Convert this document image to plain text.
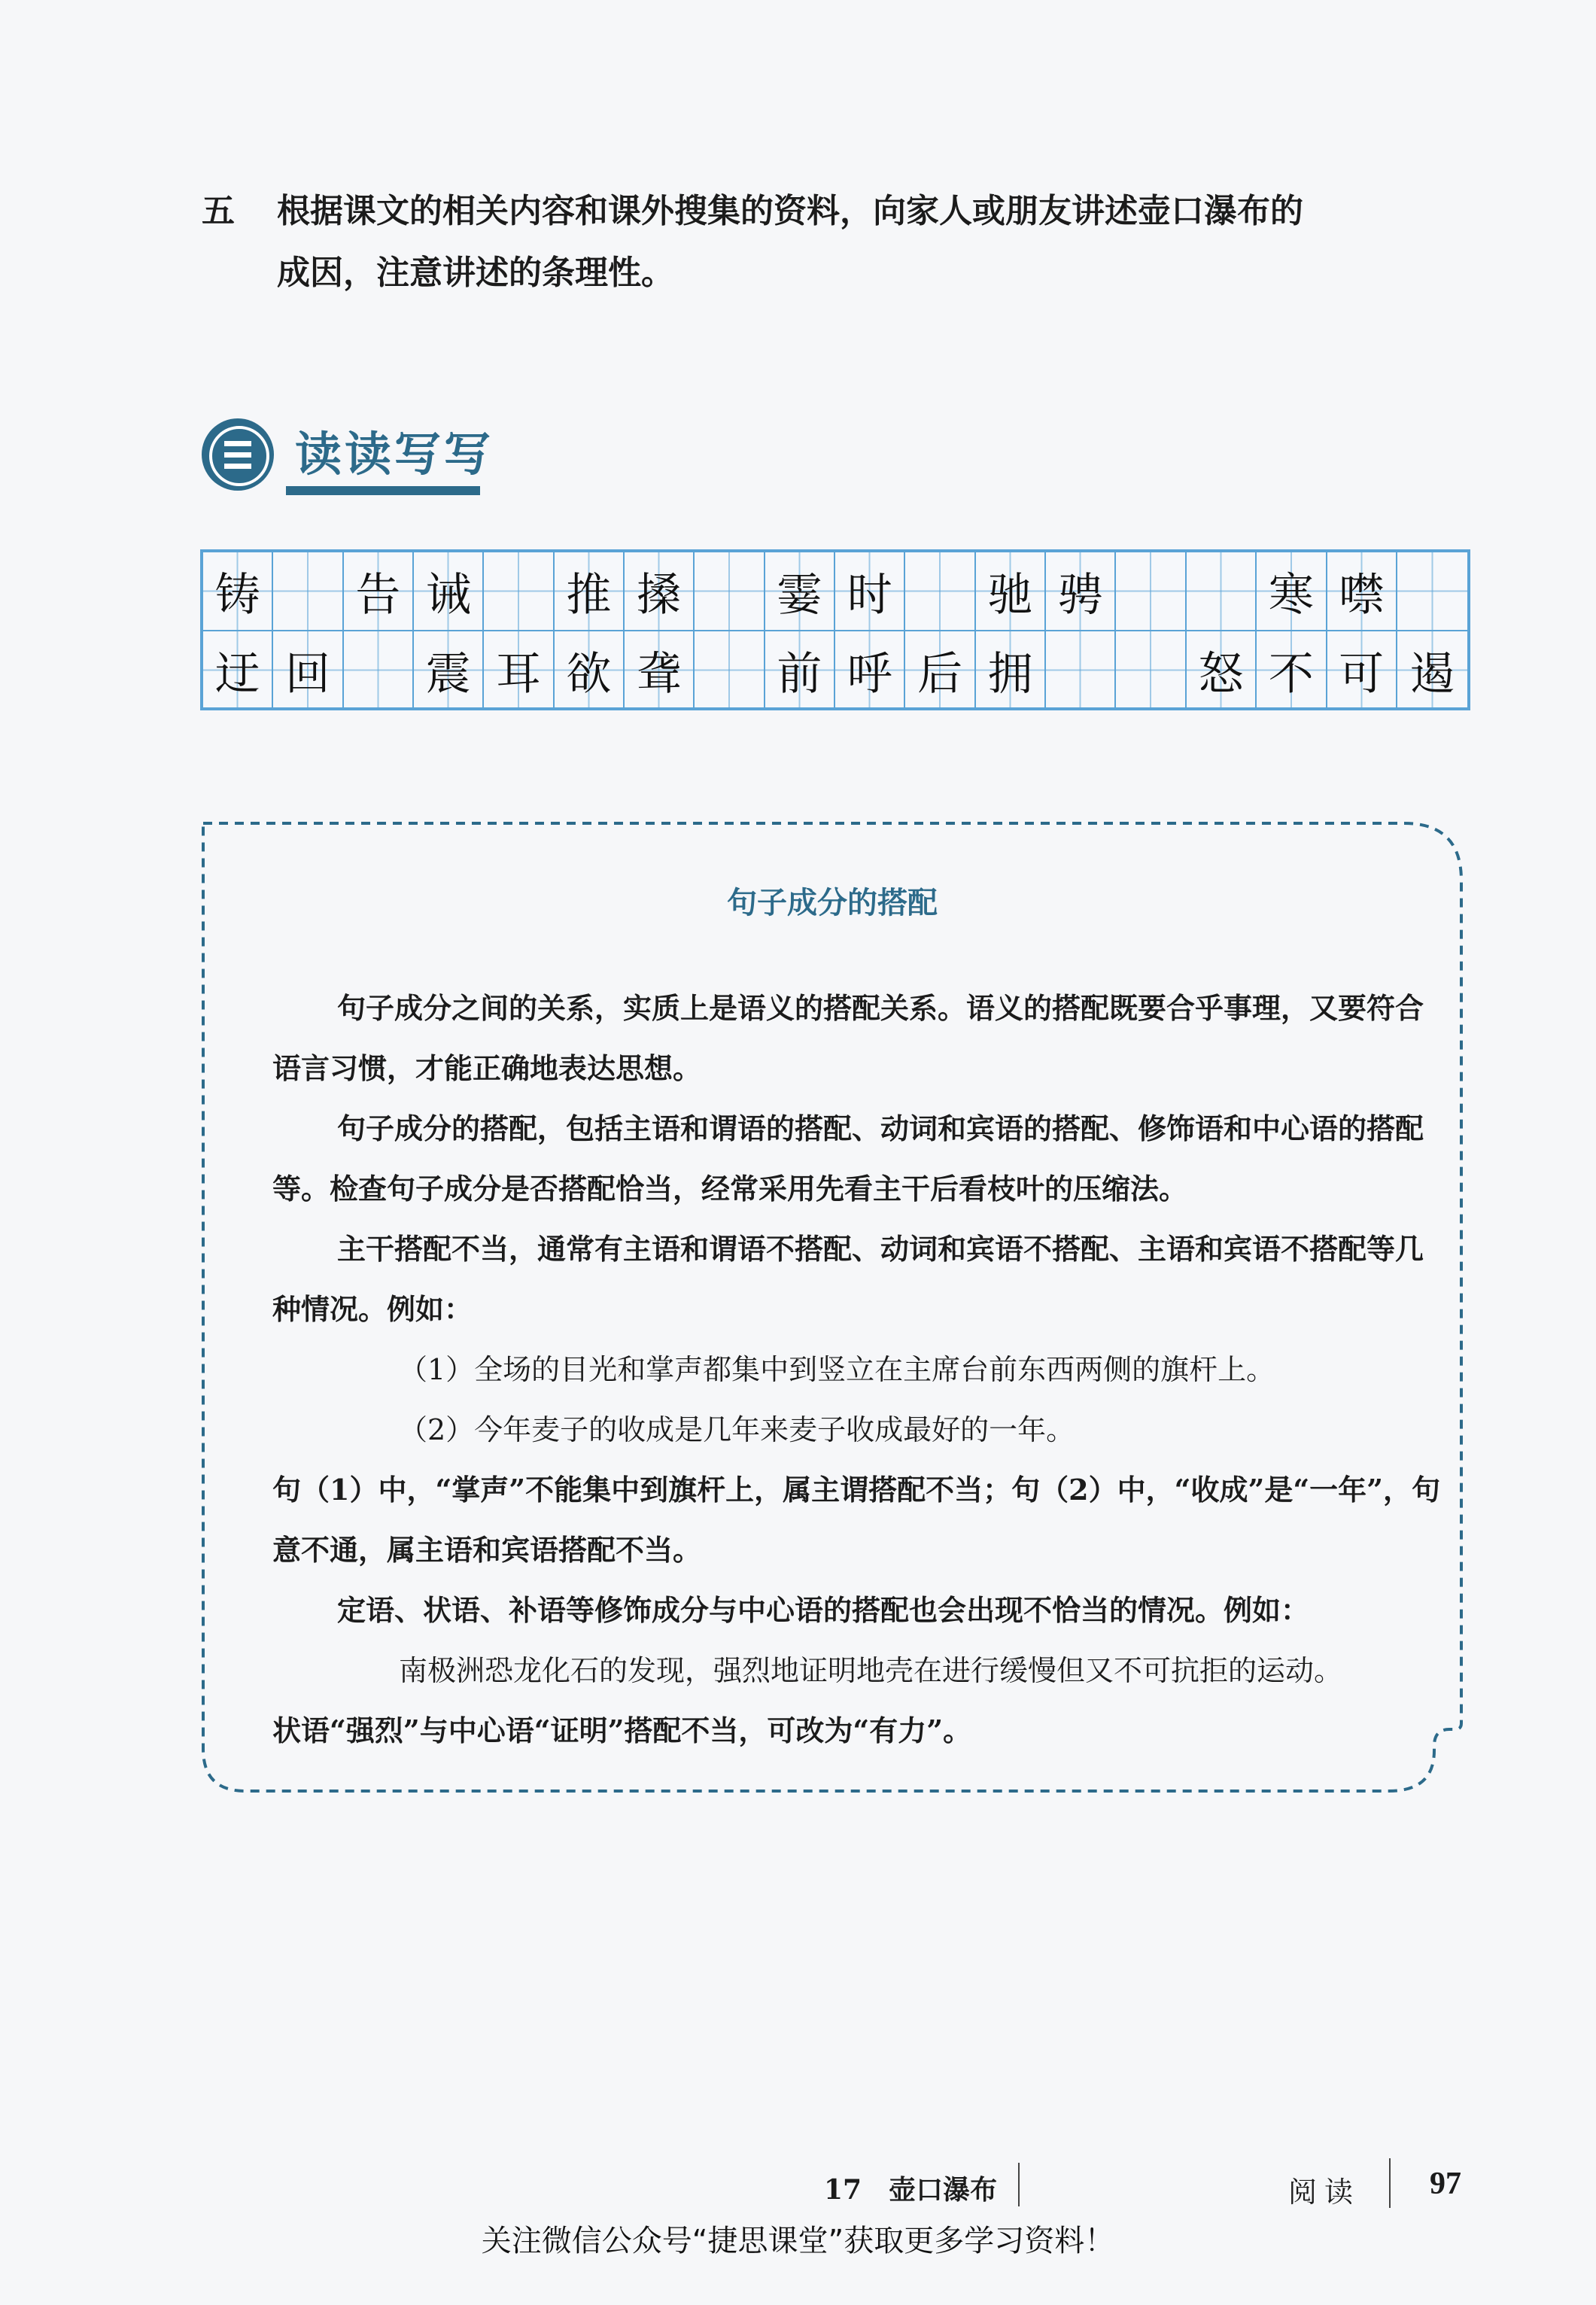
五 根据课文的相关内容和课外搜集的资料，向家人或朋友讲述壶口瀑布的
成因，注意讲述的条理性。
读读写写
铸 告 诫 推 搡 霎 时 驰 骋	寒 噤
迂 回 震 耳 欲 聋 前 呼 后 拥	怒 不 可 遏
句子成分的搭配

句子成分之间的关系，实质上是语义的搭配关系。语义的搭配既要合乎事理，又要符合语言习惯，才能正确地表达思想。

句子成分的搭配，包括主语和谓语的搭配、动词和宾语的搭配、修饰语和中心语的搭配等。检查句子成分是否搭配恰当，经常采用先看主干后看枝叶的压缩法。

主干搭配不当，通常有主语和谓语不搭配、动词和宾语不搭配、主语和宾语不搭配等几种情况。例如：

（1）全场的目光和掌声都集中到竖立在主席台前东西两侧的旗杆上。

（2）今年麦子的收成是几年来麦子收成最好的一年。

句（1）中，“掌声”不能集中到旗杆上，属主谓搭配不当；句（2）中，“收成”是“一年”，句意不通，属主语和宾语搭配不当。

定语、状语、补语等修饰成分与中心语的搭配也会出现不恰当的情况。例如：

南极洲恐龙化石的发现，强烈地证明地壳在进行缓慢但又不可抗拒的运动。

状语“强烈”与中心语“证明”搭配不当，可改为“有力”。

17　壶口瀑布	阅读 97
关注微信公众号“捷思课堂”获取更多学习资料！
